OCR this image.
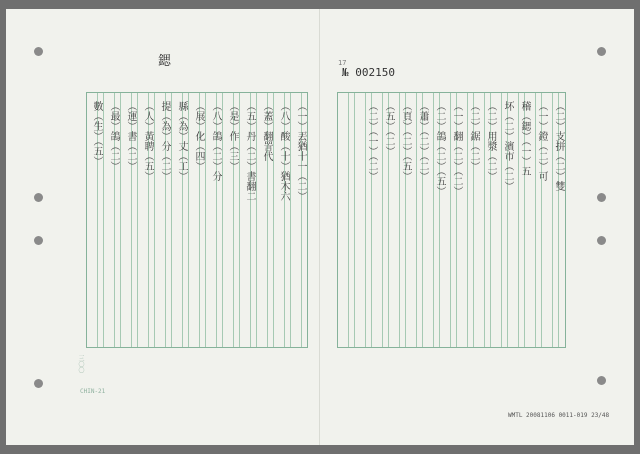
鍶	17
№ 002150
（一）丟猶十一（二）
（八）酸（十）猶木六
（蓋）翻詈代
（五）丹（二）書翻二
（是）作（三）
（八）鴿（二）分
（展）化（四）
縣（為）丈（工）
提（為）分（二）
（人）黃聘（五）
（運）書（二）
（最）鴿（二）
數（生）（五）	（二）支拼（二）雙
（一）鐙（二）可
稽（鍶）（一）五
坏（二）濱市（二）
（二）用漿（二）
（二）鋸（二）
（一）翻（二）（二）
（二）鴿（二）（五）
（蕭）（二）（二）
（頁）（二）（五）
（五）（二）
（二）（一）（二）
三〇〇
CHIN-21
WMTL 20081106 0011-019 23/48
